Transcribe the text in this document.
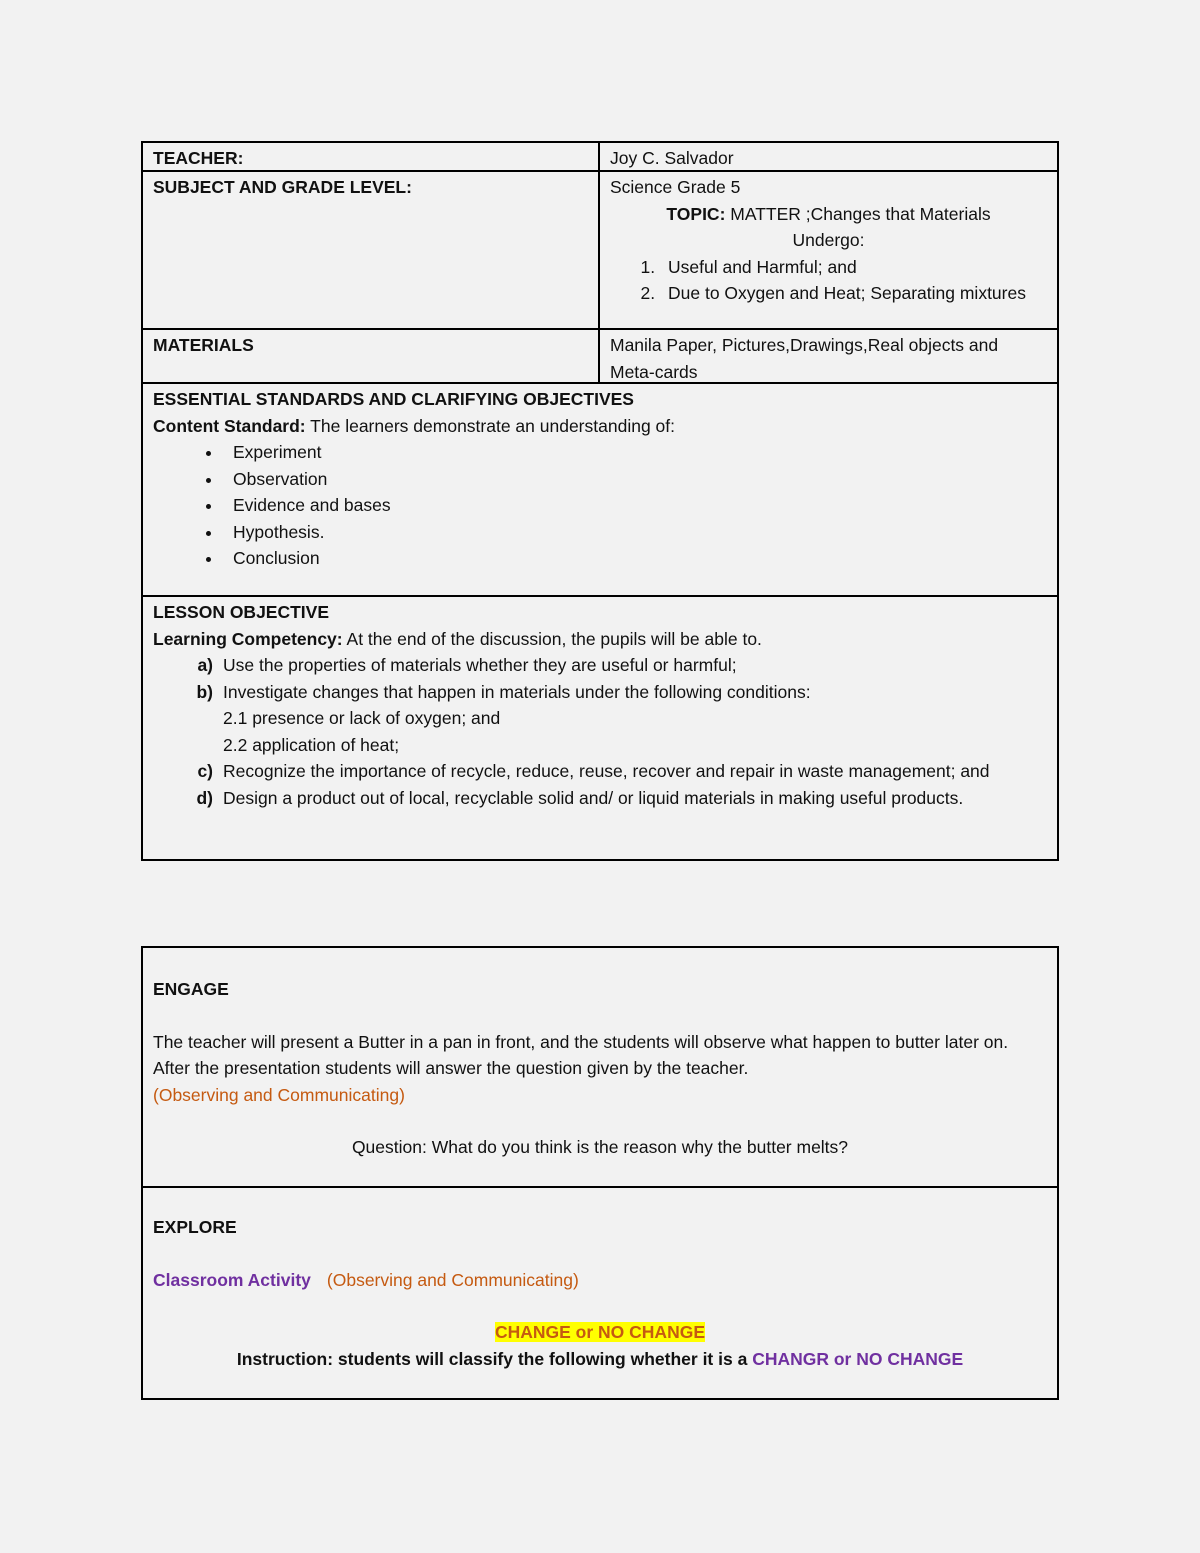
TEACHER:	Joy C. Salvador
SUBJECT AND GRADE LEVEL:	Science Grade 5
TOPIC: MATTER ;Changes that Materials
Undergo:
1. Useful and Harmful; and
2. Due to Oxygen and Heat; Separating mixtures
MATERIALS	Manila Paper, Pictures,Drawings,Real objects and Meta-cards
ESSENTIAL STANDARDS AND CLARIFYING OBJECTIVES
Content Standard: The learners demonstrate an understanding of:
• Experiment
• Observation
• Evidence and bases
• Hypothesis.
• Conclusion
LESSON OBJECTIVE
Learning Competency: At the end of the discussion, the pupils will be able to.
a) Use the properties of materials whether they are useful or harmful;
b) Investigate changes that happen in materials under the following conditions:
2.1 presence or lack of oxygen; and
2.2 application of heat;
c) Recognize the importance of recycle, reduce, reuse, recover and repair in waste management; and
d) Design a product out of local, recyclable solid and/ or liquid materials in making useful products.
ENGAGE
The teacher will present a Butter in a pan in front, and the students will observe what happen to butter later on. After the presentation students will answer the question given by the teacher.
(Observing and Communicating)
Question: What do you think is the reason why the butter melts?
EXPLORE
Classroom Activity (Observing and Communicating)
CHANGE or NO CHANGE
Instruction: students will classify the following whether it is a CHANGR or NO CHANGE
